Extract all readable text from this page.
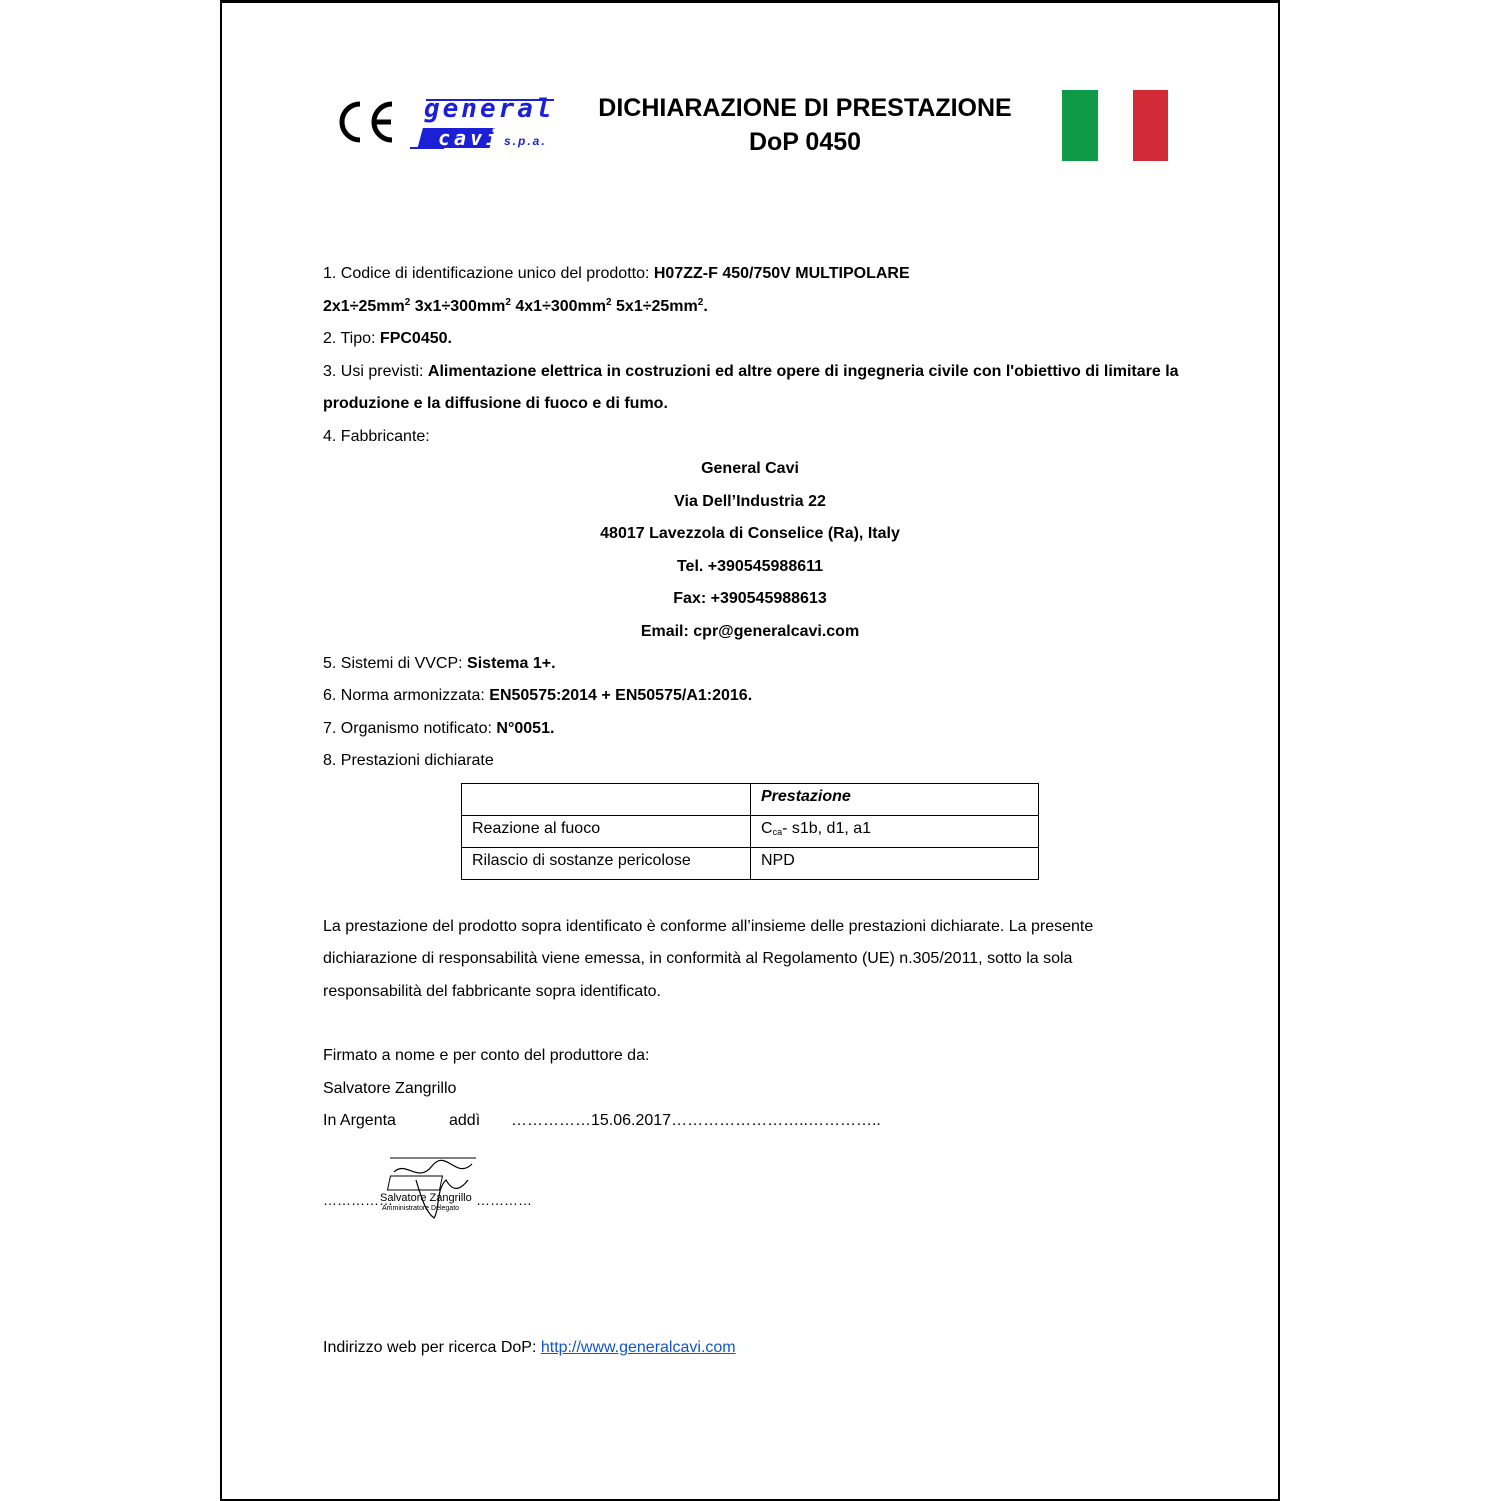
general
cavi s.p.a.
DICHIARAZIONE DI PRESTAZIONE
DoP 0450
1. Codice di identificazione unico del prodotto: H07ZZ-F 450/750V MULTIPOLARE
$2x1\div 25mm^2$ $3x1\div 300mm^2$ $4x1\div 300mm^2$ $5x1\div 25mm^2$.
2. Tipo: FPC0450.
3. Usi previsti: Alimentazione elettrica in costruzioni ed altre opere di ingegneria civile con l'obiettivo di limitare la
produzione e la diffusione di fuoco e di fumo.
4. Fabbricante:
General Cavi
Via Dell’Industria 22
48017 Lavezzola di Conselice (Ra), Italy
Tel. +390545988611
Fax: +390545988613
Email: cpr@generalcavi.com
5. Sistemi di VVCP: Sistema 1+.
6. Norma armonizzata: EN50575:2014 + EN50575/A1:2016.
7. Organismo notificato: N°0051.
8. Prestazioni dichiarate
	Prestazione
Reazione al fuoco	$C_{ca}-$ s1b, d1, a1
Rilascio di sostanze pericolose	NPD
La prestazione del prodotto sopra identificato è conforme all’insieme delle prestazioni dichiarate. La presente
dichiarazione di responsabilità viene emessa, in conformità al Regolamento (UE) n.305/2011, sotto la sola
responsabilità del fabbricante sopra identificato.
Firmato a nome e per conto del produttore da:
Salvatore Zangrillo
In Argenta	addì ……………15.06.2017……………………..…………..
……………	…………
Salvatore Zangrillo
Amministratore Delegato
Indirizzo web per ricerca DoP: http://www.generalcavi.com
